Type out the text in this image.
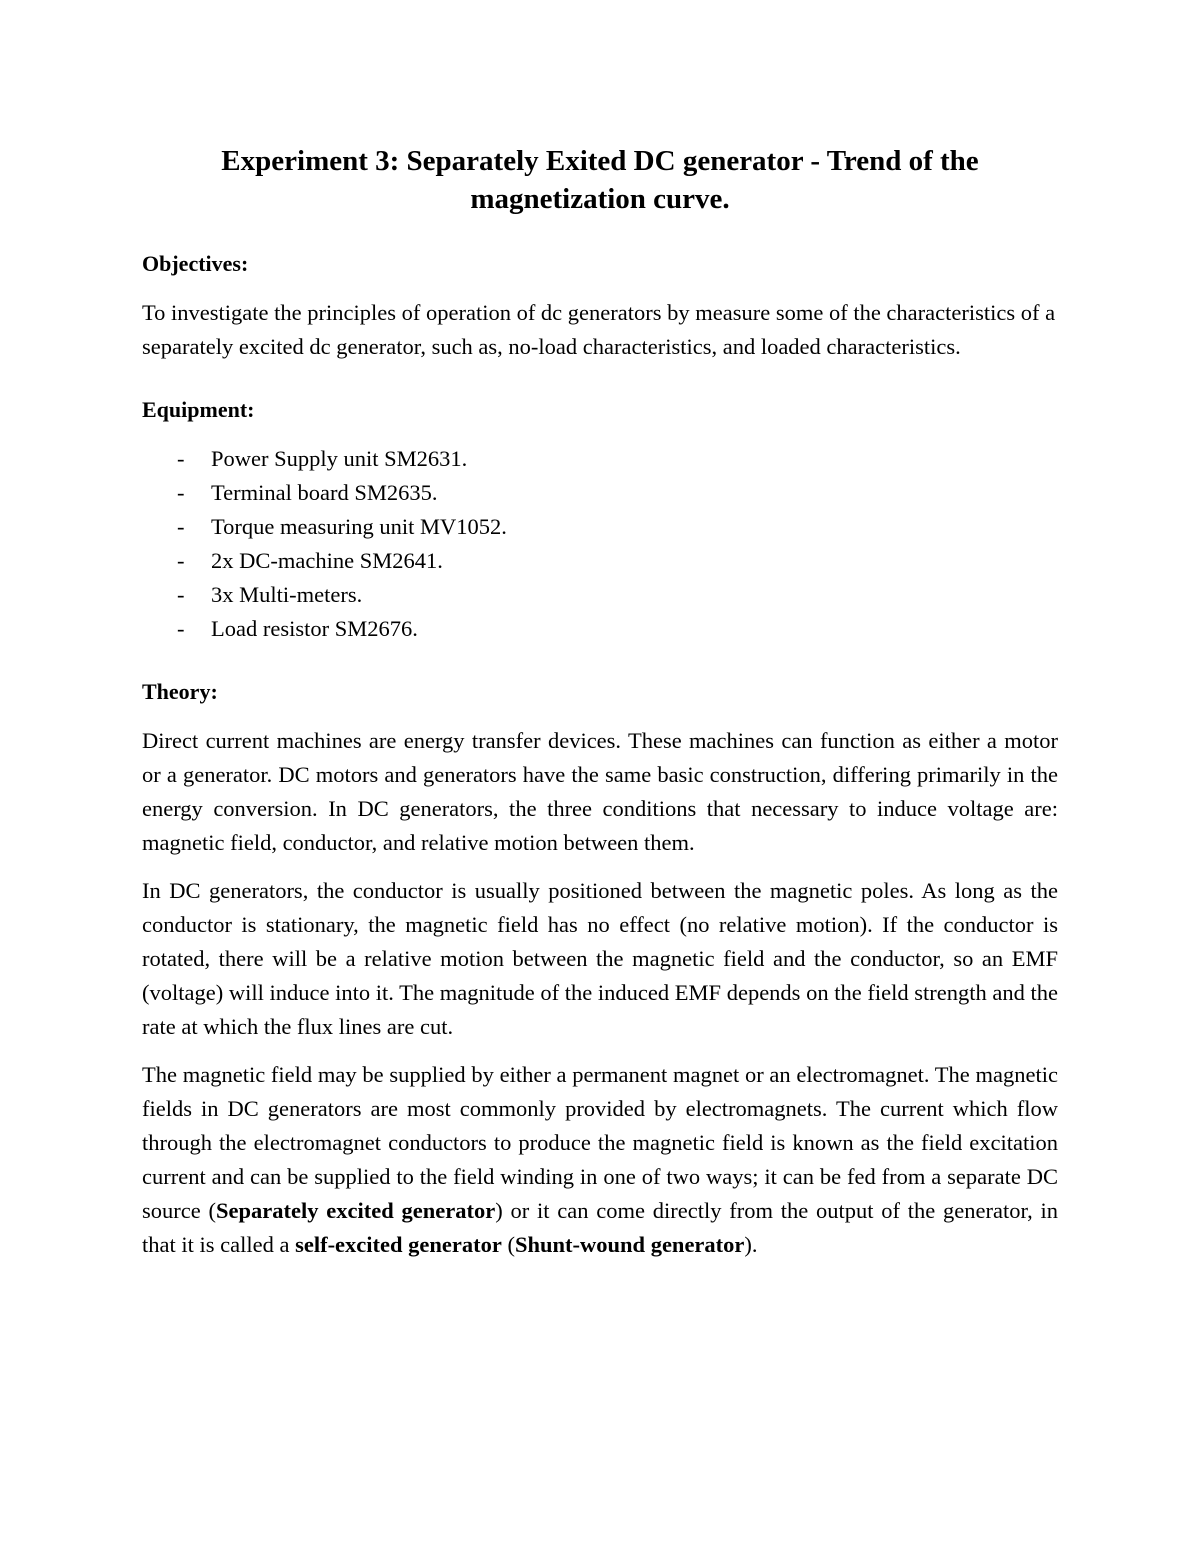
Experiment 3: Separately Exited DC generator - Trend of the magnetization curve.
Objectives:

To investigate the principles of operation of dc generators by measure some of the characteristics of a separately excited dc generator, such as, no-load characteristics, and loaded characteristics.

Equipment:
- Power Supply unit SM2631.
- Terminal board SM2635.
- Torque measuring unit MV1052.
- 2x DC-machine SM2641.
- 3x Multi-meters.
- Load resistor SM2676.
Theory:

Direct current machines are energy transfer devices. These machines can function as either a motor or a generator. DC motors and generators have the same basic construction, differing primarily in the energy conversion. In DC generators, the three conditions that necessary to induce voltage are: magnetic field, conductor, and relative motion between them.

In DC generators, the conductor is usually positioned between the magnetic poles. As long as the conductor is stationary, the magnetic field has no effect (no relative motion). If the conductor is rotated, there will be a relative motion between the magnetic field and the conductor, so an EMF (voltage) will induce into it. The magnitude of the induced EMF depends on the field strength and the rate at which the flux lines are cut.

The magnetic field may be supplied by either a permanent magnet or an electromagnet. The magnetic fields in DC generators are most commonly provided by electromagnets. The current which flow through the electromagnet conductors to produce the magnetic field is known as the field excitation current and can be supplied to the field winding in one of two ways; it can be fed from a separate DC source (Separately excited generator) or it can come directly from the output of the generator, in that it is called a self-excited generator (Shunt-wound generator).
